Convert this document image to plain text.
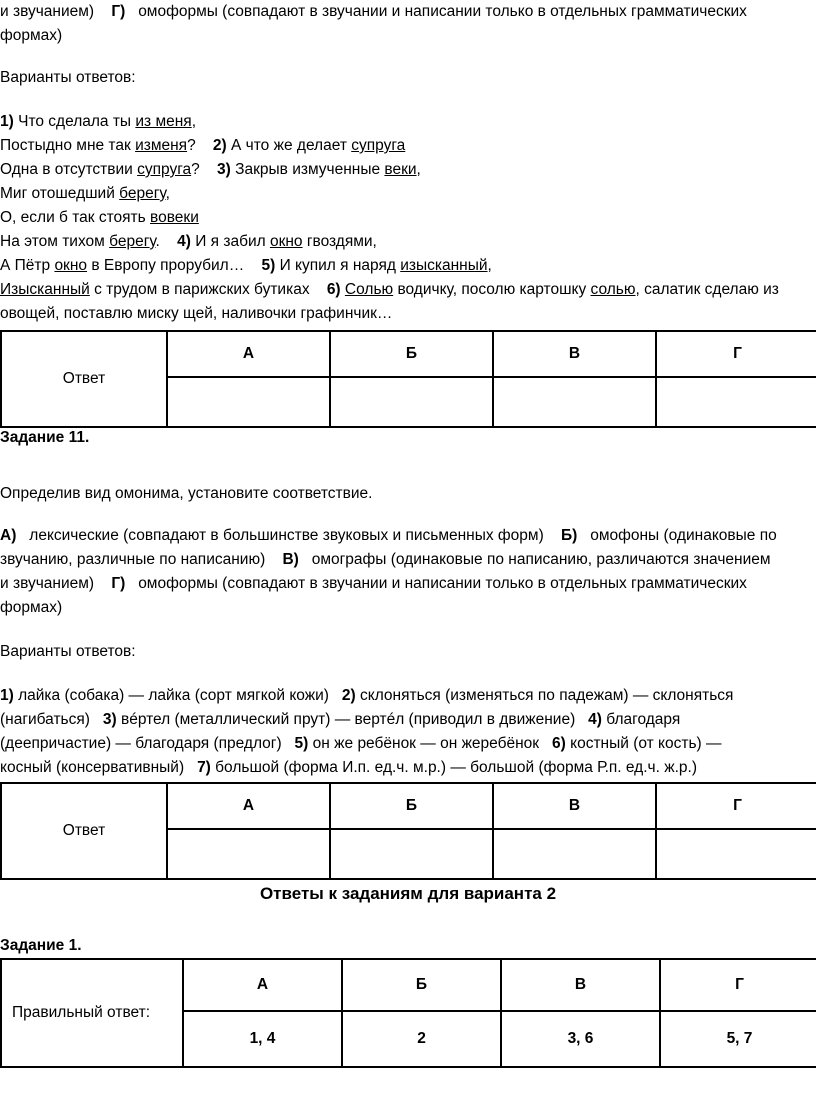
и звучанием) Г) омоформы (совпадают в звучании и написании только в отдельных грамматических
формах)
Варианты ответов:
1) Что сделала ты из меня,
Постыдно мне так изменя? 2) А что же делает супруга
Одна в отсутствии супруга? 3) Закрыв измученные веки,
Миг отошедший берегу,
О, если б так стоять вовеки
На этом тихом берегу. 4) И я забил окно гвоздями,
А Пётр окно в Европу прорубил… 5) И купил я наряд изысканный,
Изысканный с трудом в парижских бутиках 6) Солью водичку, посолю картошку солью, салатик сделаю из
овощей, поставлю миску щей, наливочки графинчик…
Ответ	А	Б	В	Г

Задание 11.
Определив вид омонима, установите соответствие.
А) лексические (совпадают в большинстве звуковых и письменных форм) Б) омофоны (одинаковые по
звучанию, различные по написанию) В) омографы (одинаковые по написанию, различаются значением
и звучанием) Г) омоформы (совпадают в звучании и написании только в отдельных грамматических
формах)
Варианты ответов:
1) лайка (собака) — лайка (сорт мягкой кожи) 2) склоняться (изменяться по падежам) — склоняться
(нагибаться) 3) вéртел (металлический прут) — вертéл (приводил в движение) 4) благодаря
(деепричастие) — благодаря (предлог) 5) он же ребёнок — он жеребёнок 6) костный (от кость) —
косный (консервативный) 7) большой (форма И.п. ед.ч. м.р.) — большой (форма Р.п. ед.ч. ж.р.)
Ответ	А	Б	В	Г

Ответы к заданиям для варианта 2
Задание 1.
Правильный ответ:	А	Б	В	Г
	1, 4	2	3, 6	5, 7
